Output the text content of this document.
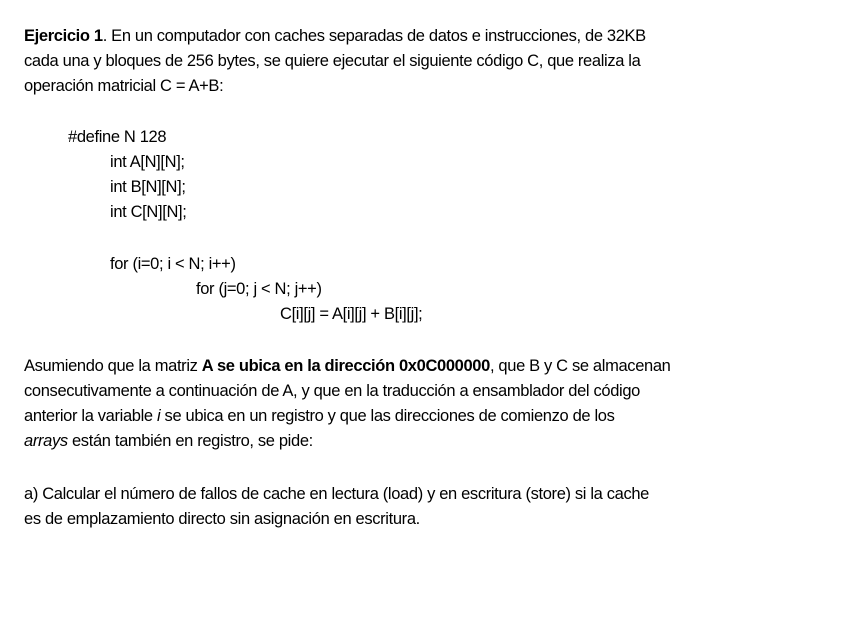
Ejercicio 1. En un computador con caches separadas de datos e instrucciones, de 32KB
cada una y bloques de 256 bytes, se quiere ejecutar el siguiente código C, que realiza la
operación matricial C = A+B:
#define N 128
int A[N][N];
int B[N][N];
int C[N][N];
for (i=0; i < N; i++)
for (j=0; j < N; j++)
C[i][j] = A[i][j] + B[i][j];
Asumiendo que la matriz A se ubica en la dirección 0x0C000000, que B y C se almacenan
consecutivamente a continuación de A, y que en la traducción a ensamblador del código
anterior la variable i se ubica en un registro y que las direcciones de comienzo de los
arrays están también en registro, se pide:
a) Calcular el número de fallos de cache en lectura (load) y en escritura (store) si la cache
es de emplazamiento directo sin asignación en escritura.
